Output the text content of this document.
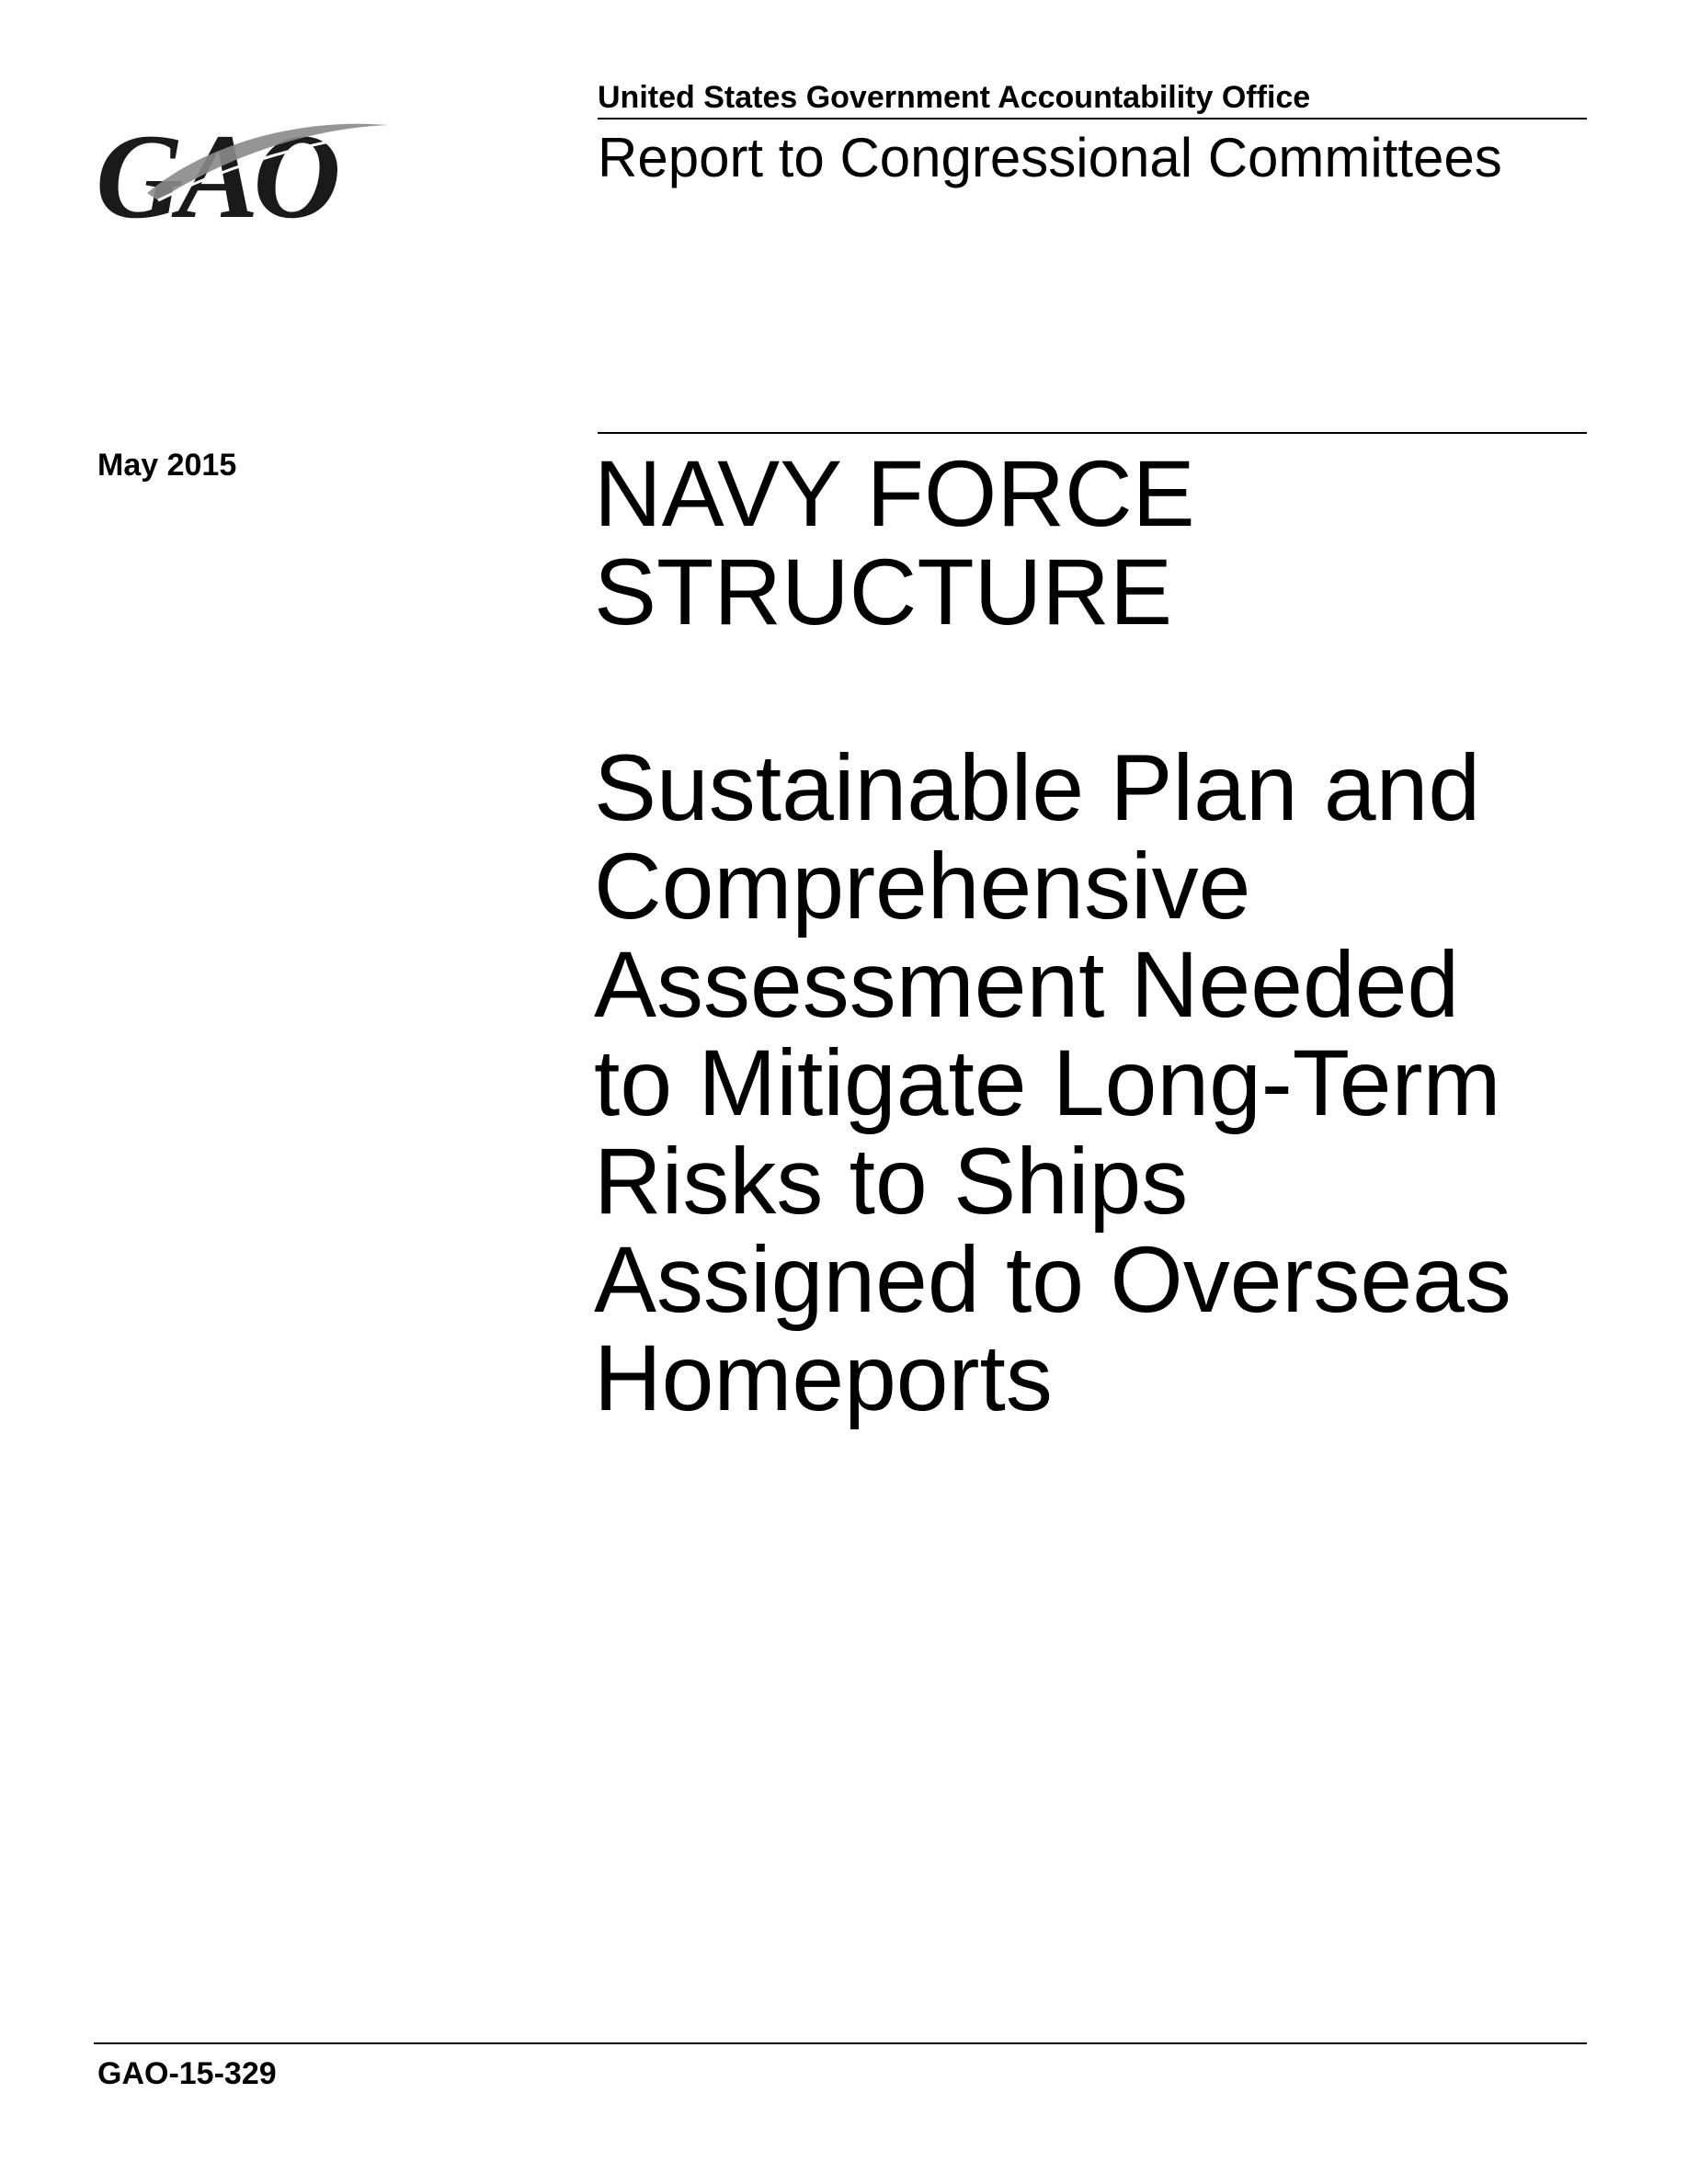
GAO
United States Government Accountability Office
Report to Congressional Committees
May 2015	NAVY FORCE
STRUCTURE
Sustainable Plan and
Comprehensive
Assessment Needed
to Mitigate Long-Term
Risks to Ships
Assigned to Overseas
Homeports
GAO-15-329
